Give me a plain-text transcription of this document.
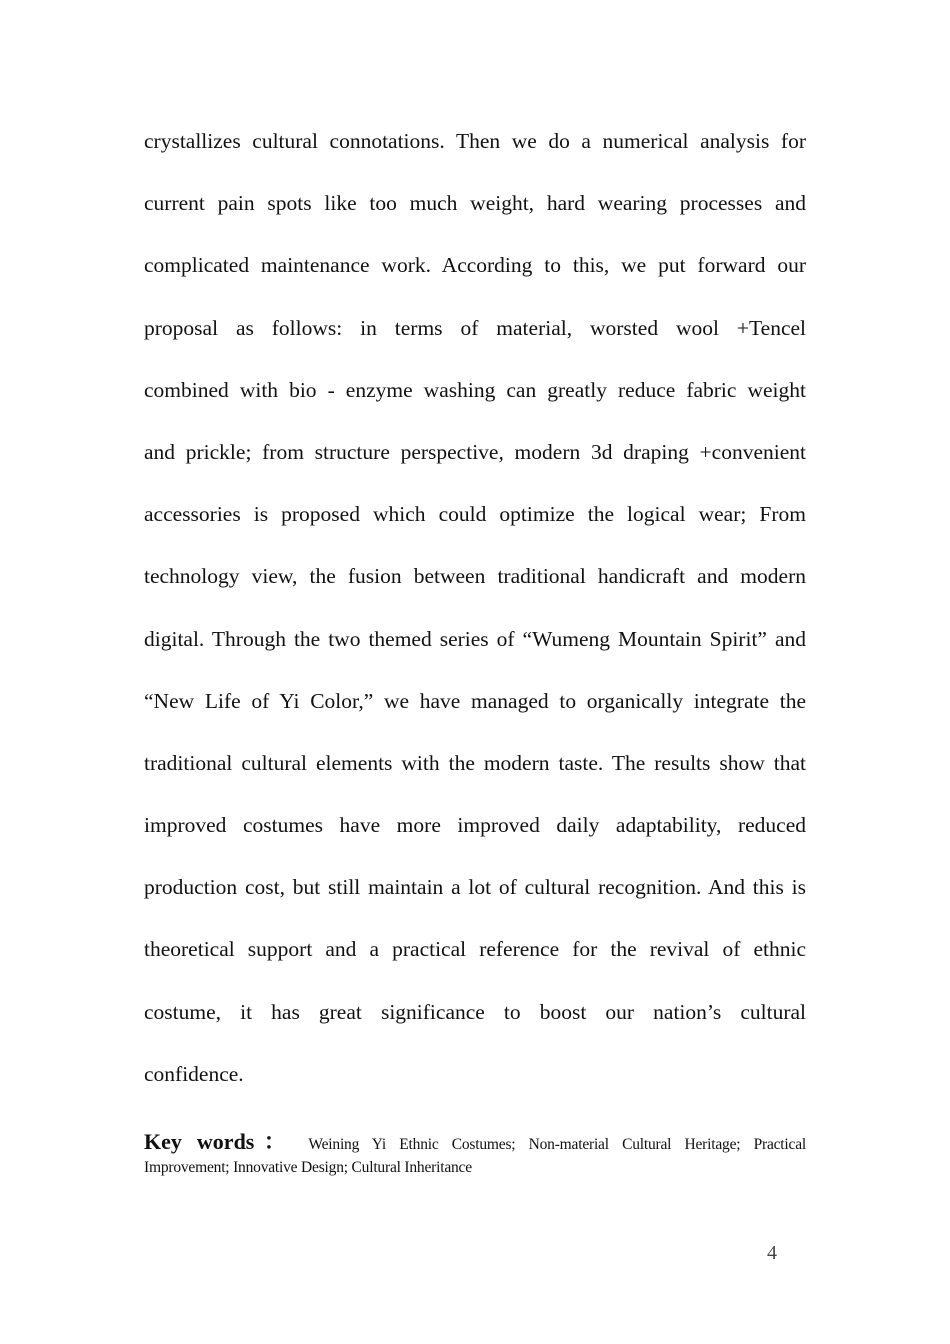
crystallizes cultural connotations. Then we do a numerical analysis for
current pain spots like too much weight, hard wearing processes and
complicated maintenance work. According to this, we put forward our
proposal as follows: in terms of material, worsted wool +Tencel
combined with bio - enzyme washing can greatly reduce fabric weight
and prickle; from structure perspective, modern 3d draping +convenient
accessories is proposed which could optimize the logical wear; From
technology view, the fusion between traditional handicraft and modern
digital. Through the two themed series of “Wumeng Mountain Spirit” and
“New Life of Yi Color,” we have managed to organically integrate the
traditional cultural elements with the modern taste. The results show that
improved costumes have more improved daily adaptability, reduced
production cost, but still maintain a lot of cultural recognition. And this is
theoretical support and a practical reference for the revival of ethnic
costume, it has great significance to boost our nation’s cultural
confidence.
Key words： Weining Yi Ethnic Costumes; Non-material Cultural Heritage; Practical
Improvement; Innovative Design; Cultural Inheritance
4
